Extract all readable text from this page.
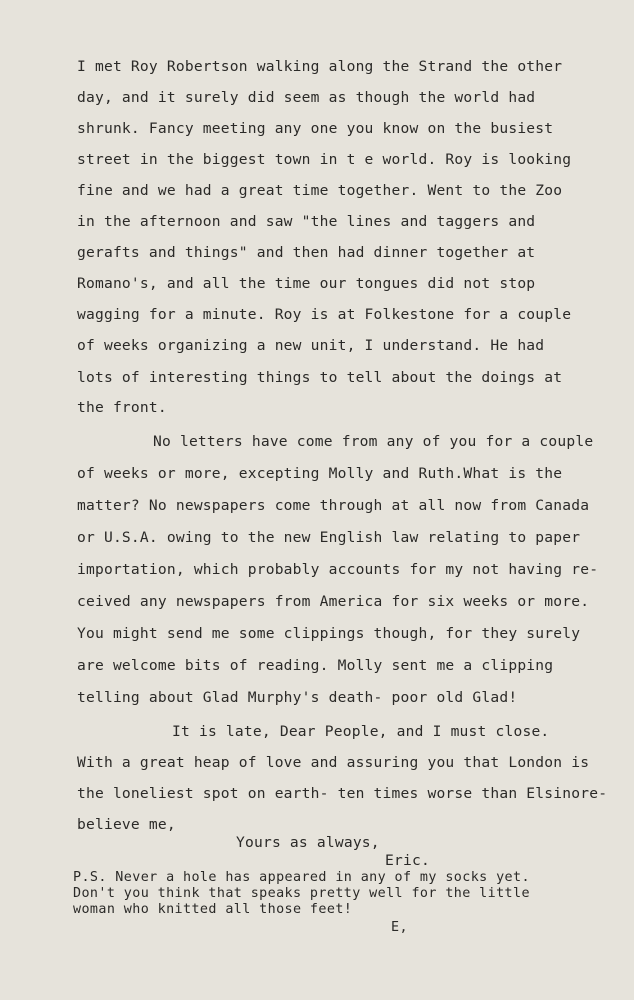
I met Roy Robertson walking along the Strand the other
day, and it surely did seem as though the world had
shrunk. Fancy meeting any one you know on the busiest
street in the biggest town in t e world. Roy is looking
fine and we had a great time together. Went to the Zoo
in the afternoon and saw "the lines and taggers and
gerafts and things" and then had dinner together at
Romano's, and all the time our tongues did not stop
wagging for a minute. Roy is at Folkestone for a couple
of weeks organizing a new unit, I understand. He had
lots of interesting things to tell about the doings at
the front.
No letters have come from any of you for a couple
of weeks or more, excepting Molly and Ruth.What is the
matter? No newspapers come through at all now from Canada
or U.S.A. owing to the new English law relating to paper
importation, which probably accounts for my not having re-
ceived any newspapers from America for six weeks or more.
You might send me some clippings though, for they surely
are welcome bits of reading. Molly sent me a clipping
telling about Glad Murphy's death- poor old Glad!
It is late, Dear People, and I must close.
With a great heap of love and assuring you that London is
the loneliest spot on earth- ten times worse than Elsinore-
believe me,
Yours as always,
Eric.
P.S. Never a hole has appeared in any of my socks yet.
Don't you think that speaks pretty well for the little
woman who knitted all those feet!
E,
